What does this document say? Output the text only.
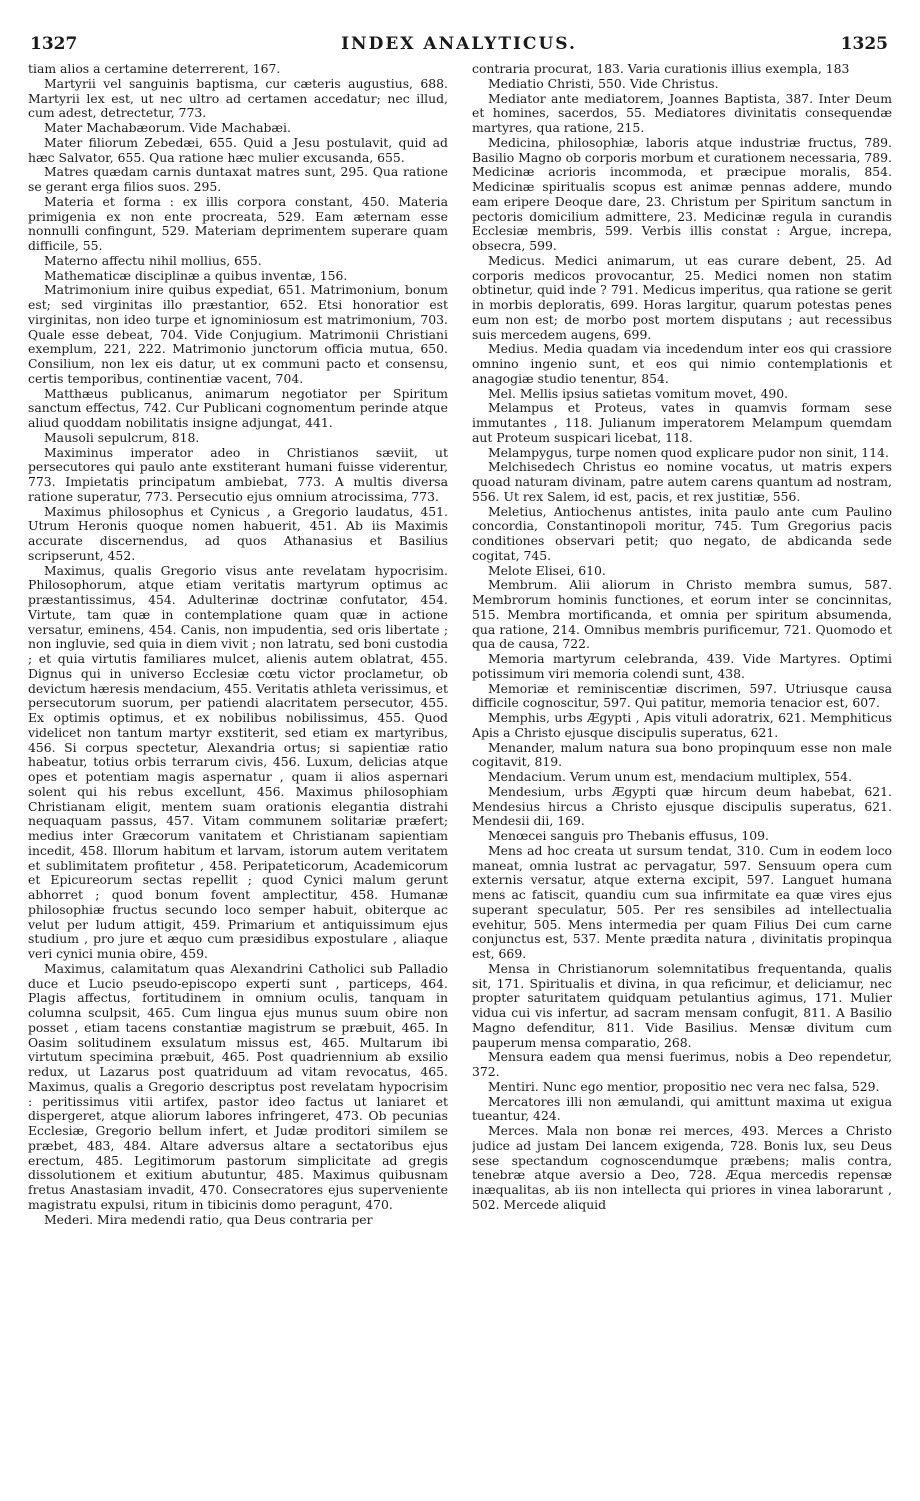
1327	INDEX ANALYTICUS.	1325

tiam alios a certamine deterrerent, 167.

Martyrii vel sanguinis baptisma, cur cæteris augustius, 688. Martyrii lex est, ut nec ultro ad certamen accedatur; nec illud, cum adest, detrectetur, 773.

Mater Machabæorum. Vide Machabæi.

Mater filiorum Zebedæi, 655. Quid a Jesu postulavit, quid ad hæc Salvator, 655. Qua ratione hæc mulier excusanda, 655.

Matres quædam carnis duntaxat matres sunt, 295. Qua ratione se gerant erga filios suos. 295.

Materia et forma : ex illis corpora constant, 450. Materia primigenia ex non ente procreata, 529. Eam æternam esse nonnulli confingunt, 529. Materiam deprimentem superare quam difficile, 55.

Materno affectu nihil mollius, 655.

Mathematicæ disciplinæ a quibus inventæ, 156.

Matrimonium inire quibus expediat, 651. Matrimonium, bonum est; sed virginitas illo præstantior, 652. Etsi honoratior est virginitas, non ideo turpe et ignominiosum est matrimonium, 703. Quale esse debeat, 704. Vide Conjugium. Matrimonii Christiani exemplum, 221, 222. Matrimonio junctorum officia mutua, 650. Consilium, non lex eis datur, ut ex communi pacto et consensu, certis temporibus, continentiæ vacent, 704.

Matthæus publicanus, animarum negotiator per Spiritum sanctum effectus, 742. Cur Publicani cognomentum perinde atque aliud quoddam nobilitatis insigne adjungat, 441.

Mausoli sepulcrum, 818.

Maximinus imperator adeo in Christianos sæviit, ut persecutores qui paulo ante exstiterant humani fuisse viderentur, 773. Impietatis principatum ambiebat, 773. A multis diversa ratione superatur, 773. Persecutio ejus omnium atrocissima, 773.

Maximus philosophus et Cynicus , a Gregorio laudatus, 451. Utrum Heronis quoque nomen habuerit, 451. Ab iis Maximis accurate discernendus, ad quos Athanasius et Basilius scripserunt, 452.

Maximus, qualis Gregorio visus ante revelatam hypocrisim. Philosophorum, atque etiam veritatis martyrum optimus ac præstantissimus, 454. Adulterinæ doctrinæ confutator, 454. Virtute, tam quæ in contemplatione quam quæ in actione versatur, eminens, 454. Canis, non impudentia, sed oris libertate ; non ingluvie, sed quia in diem vivit ; non latratu, sed boni custodia ; et quia virtutis familiares mulcet, alienis autem oblatrat, 455. Dignus qui in universo Ecclesiæ cœtu victor proclametur, ob devictum hæresis mendacium, 455. Veritatis athleta verissimus, et persecutorum suorum, per patiendi alacritatem persecutor, 455. Ex optimis optimus, et ex nobilibus nobilissimus, 455. Quod videlicet non tantum martyr exstiterit, sed etiam ex martyribus, 456. Si corpus spectetur, Alexandria ortus; si sapientiæ ratio habeatur, totius orbis terrarum civis, 456. Luxum, delicias atque opes et potentiam magis aspernatur , quam ii alios aspernari solent qui his rebus excellunt, 456. Maximus philosophiam Christianam eligit, mentem suam orationis elegantia distrahi nequaquam passus, 457. Vitam communem solitariæ præfert; medius inter Græcorum vanitatem et Christianam sapientiam incedit, 458. Illorum habitum et larvam, istorum autem veritatem et sublimitatem profitetur , 458. Peripateticorum, Academicorum et Epicureorum sectas repellit ; quod Cynici malum gerunt abhorret ; quod bonum fovent amplectitur, 458. Humanæ philosophiæ fructus secundo loco semper habuit, obiterque ac velut per ludum attigit, 459. Primarium et antiquissimum ejus studium , pro jure et æquo cum præsidibus expostulare , aliaque veri cynici munia obire, 459.

Maximus, calamitatum quas Alexandrini Catholici sub Palladio duce et Lucio pseudo-episcopo experti sunt , particeps, 464. Plagis affectus, fortitudinem in omnium oculis, tanquam in columna sculpsit, 465. Cum lingua ejus munus suum obire non posset , etiam tacens constantiæ magistrum se præbuit, 465. In Oasim solitudinem exsulatum missus est, 465. Multarum ibi virtutum specimina præbuit, 465. Post quadriennium ab exsilio redux, ut Lazarus post quatriduum ad vitam revocatus, 465. Maximus, qualis a Gregorio descriptus post revelatam hypocrisim : peritissimus vitii artifex, pastor ideo factus ut laniaret et dispergeret, atque aliorum labores infringeret, 473. Ob pecunias Ecclesiæ, Gregorio bellum infert, et Judæ proditori similem se præbet, 483, 484. Altare adversus altare a sectatoribus ejus erectum, 485. Legitimorum pastorum simplicitate ad gregis dissolutionem et exitium abutuntur, 485. Maximus quibusnam fretus Anastasiam invadit, 470. Consecratores ejus superveniente magistratu expulsi, ritum in tibicinis domo peragunt, 470.

Mederi. Mira medendi ratio, qua Deus contraria per

contraria procurat, 183. Varia curationis illius exempla, 183

Mediatio Christi, 550. Vide Christus.

Mediator ante mediatorem, Joannes Baptista, 387. Inter Deum et homines, sacerdos, 55. Mediatores divinitatis consequendæ martyres, qua ratione, 215.

Medicina, philosophiæ, laboris atque industriæ fructus, 789. Basilio Magno ob corporis morbum et curationem necessaria, 789. Medicinæ acrioris incommoda, et præcipue moralis, 854. Medicinæ spiritualis scopus est animæ pennas addere, mundo eam eripere Deoque dare, 23. Christum per Spiritum sanctum in pectoris domicilium admittere, 23. Medicinæ regula in curandis Ecclesiæ membris, 599. Verbis illis constat : Argue, increpa, obsecra, 599.

Medicus. Medici animarum, ut eas curare debent, 25. Ad corporis medicos provocantur, 25. Medici nomen non statim obtinetur, quid inde ? 791. Medicus imperitus, qua ratione se gerit in morbis deploratis, 699. Horas largitur, quarum potestas penes eum non est; de morbo post mortem disputans ; aut recessibus suis mercedem augens, 699.

Medius. Media quadam via incedendum inter eos qui crassiore omnino ingenio sunt, et eos qui nimio contemplationis et anagogiæ studio tenentur, 854.

Mel. Mellis ipsius satietas vomitum movet, 490.

Melampus et Proteus, vates in quamvis formam sese immutantes , 118. Julianum imperatorem Melampum quemdam aut Proteum suspicari licebat, 118.

Melampygus, turpe nomen quod explicare pudor non sinit, 114.

Melchisedech Christus eo nomine vocatus, ut matris expers quoad naturam divinam, patre autem carens quantum ad nostram, 556. Ut rex Salem, id est, pacis, et rex justitiæ, 556.

Meletius, Antiochenus antistes, inita paulo ante cum Paulino concordia, Constantinopoli moritur, 745. Tum Gregorius pacis conditiones observari petit; quo negato, de abdicanda sede cogitat, 745.

Melote Elisei, 610.

Membrum. Alii aliorum in Christo membra sumus, 587. Membrorum hominis functiones, et eorum inter se concinnitas, 515. Membra mortificanda, et omnia per spiritum absumenda, qua ratione, 214. Omnibus membris purificemur, 721. Quomodo et qua de causa, 722.

Memoria martyrum celebranda, 439. Vide Martyres. Optimi potissimum viri memoria colendi sunt, 438.

Memoriæ et reminiscentiæ discrimen, 597. Utriusque causa difficile cognoscitur, 597. Qui patitur, memoria tenacior est, 607.

Memphis, urbs Ægypti , Apis vituli adoratrix, 621. Memphiticus Apis a Christo ejusque discipulis superatus, 621.

Menander, malum natura sua bono propinquum esse non male cogitavit, 819.

Mendacium. Verum unum est, mendacium multiplex, 554.

Mendesium, urbs Ægypti quæ hircum deum habebat, 621. Mendesius hircus a Christo ejusque discipulis superatus, 621. Mendesii dii, 169.

Menœcei sanguis pro Thebanis effusus, 109.

Mens ad hoc creata ut sursum tendat, 310. Cum in eodem loco maneat, omnia lustrat ac pervagatur, 597. Sensuum opera cum externis versatur, atque externa excipit, 597. Languet humana mens ac fatiscit, quandiu cum sua infirmitate ea quæ vires ejus superant speculatur, 505. Per res sensibiles ad intellectualia evehitur, 505. Mens intermedia per quam Filius Dei cum carne conjunctus est, 537. Mente prædita natura , divinitatis propinqua est, 669.

Mensa in Christianorum solemnitatibus frequentanda, qualis sit, 171. Spiritualis et divina, in qua reficimur, et deliciamur, nec propter saturitatem quidquam petulantius agimus, 171. Mulier vidua cui vis infertur, ad sacram mensam confugit, 811. A Basilio Magno defenditur, 811. Vide Basilius. Mensæ divitum cum pauperum mensa comparatio, 268.

Mensura eadem qua mensi fuerimus, nobis a Deo rependetur, 372.

Mentiri. Nunc ego mentior, propositio nec vera nec falsa, 529.

Mercatores illi non æmulandi, qui amittunt maxima ut exigua tueantur, 424.

Merces. Mala non bonæ rei merces, 493. Merces a Christo judice ad justam Dei lancem exigenda, 728. Bonis lux, seu Deus sese spectandum cognoscendumque præbens; malis contra, tenebræ atque aversio a Deo, 728. Æqua mercedis repensæ inæqualitas, ab iis non intellecta qui priores in vinea laborarunt , 502. Mercede aliquid
